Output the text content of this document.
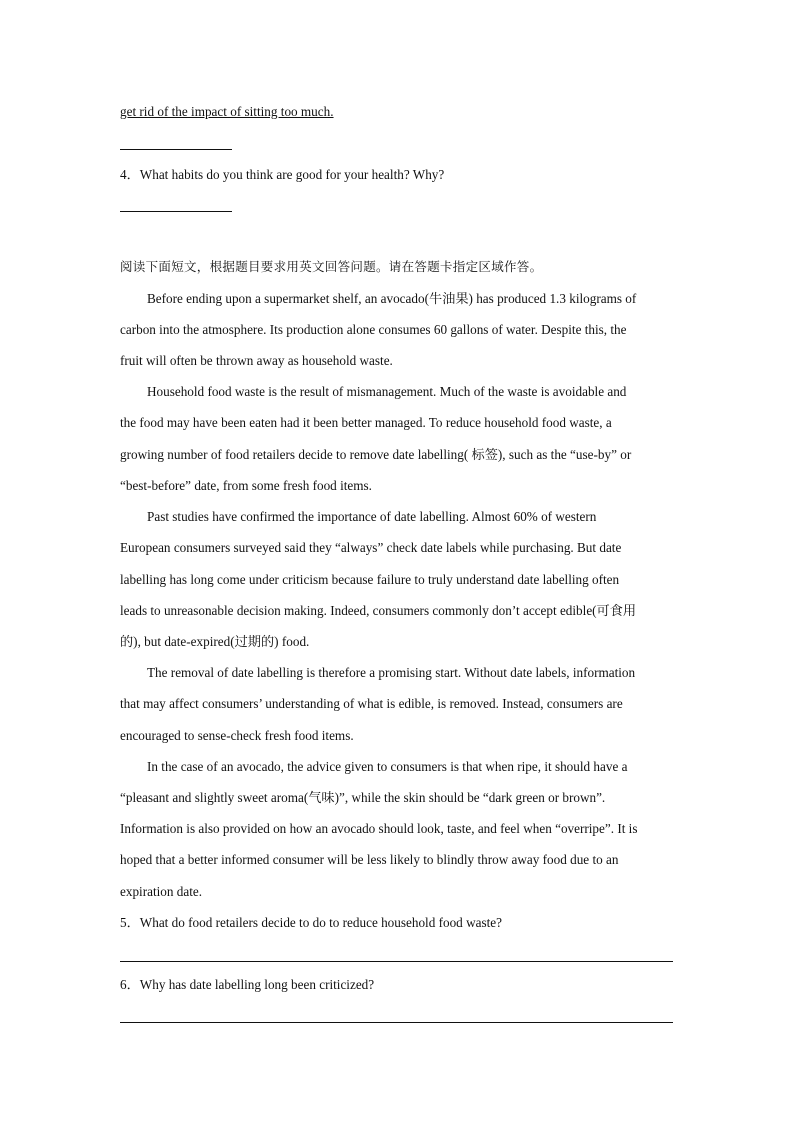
get rid of the impact of sitting too much.
4．What habits do you think are good for your health? Why?
阅读下面短文，根据题目要求用英文回答问题。请在答题卡指定区域作答。
Before ending upon a supermarket shelf, an avocado(牛油果) has produced 1.3 kilograms of
carbon into the atmosphere. Its production alone consumes 60 gallons of water. Despite this, the
fruit will often be thrown away as household waste.
Household food waste is the result of mismanagement. Much of the waste is avoidable and
the food may have been eaten had it been better managed. To reduce household food waste, a
growing number of food retailers decide to remove date labelling( 标签), such as the “use-by” or
“best-before” date, from some fresh food items.
Past studies have confirmed the importance of date labelling. Almost 60% of western
European consumers surveyed said they “always” check date labels while purchasing. But date
labelling has long come under criticism because failure to truly understand date labelling often
leads to unreasonable decision making. Indeed, consumers commonly don’t accept edible(可食用
的), but date-expired(过期的) food.
The removal of date labelling is therefore a promising start. Without date labels, information
that may affect consumers’ understanding of what is edible, is removed. Instead, consumers are
encouraged to sense-check fresh food items.
In the case of an avocado, the advice given to consumers is that when ripe, it should have a
“pleasant and slightly sweet aroma(气味)”, while the skin should be “dark green or brown”.
Information is also provided on how an avocado should look, taste, and feel when “overripe”. It is
hoped that a better informed consumer will be less likely to blindly throw away food due to an
expiration date.
5．What do food retailers decide to do to reduce household food waste?
6．Why has date labelling long been criticized?
